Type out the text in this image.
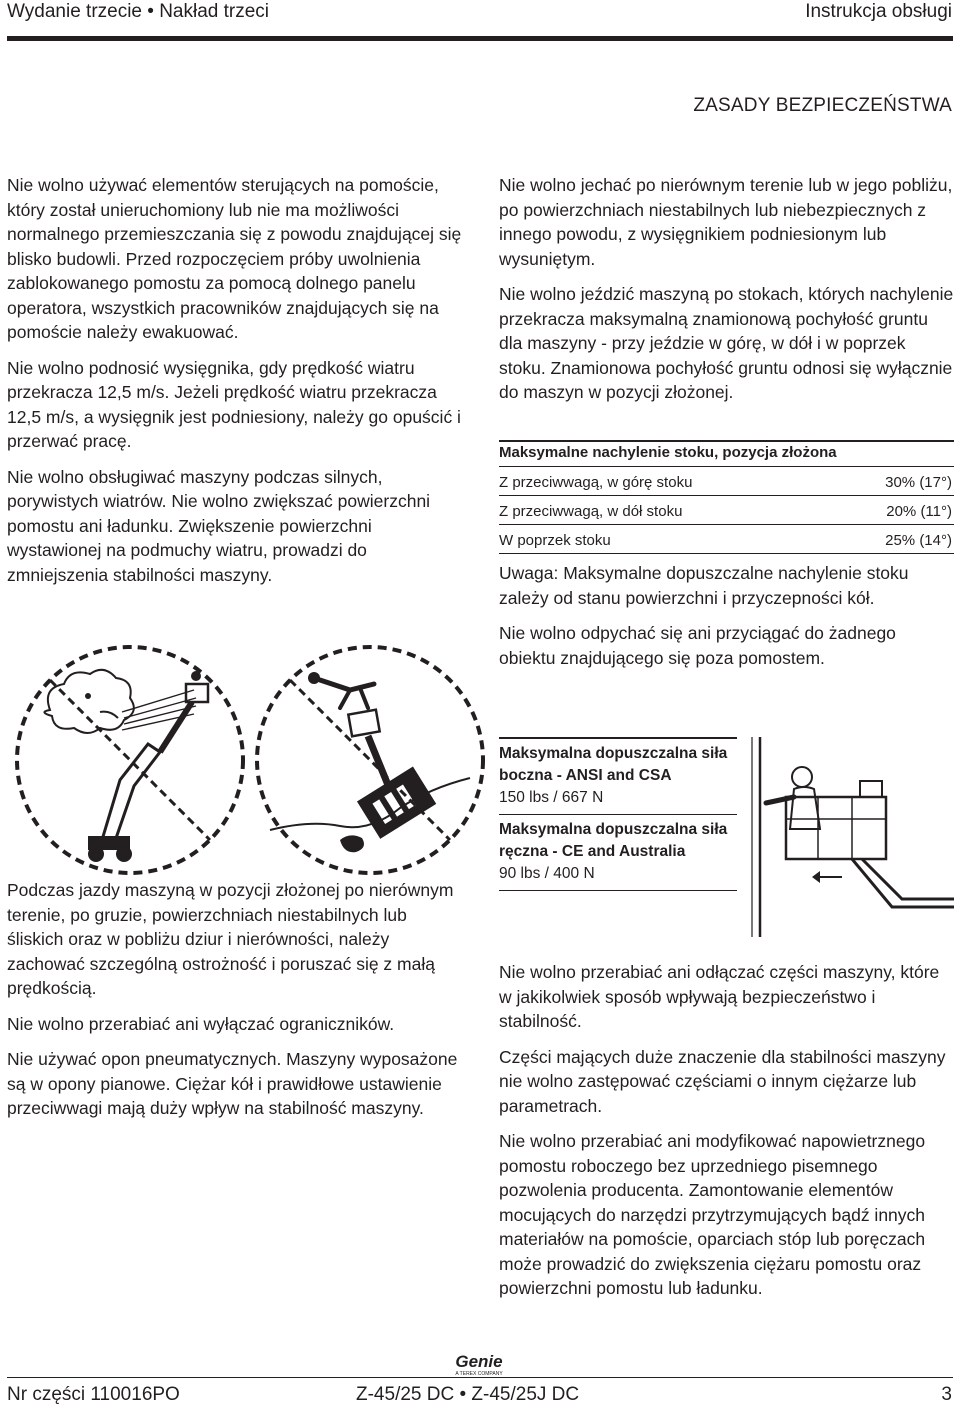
Wydanie trzecie • Nakład trzeci	Instrukcja obsługi
ZASADY BEZPIECZEŃSTWA

Nie wolno używać elementów sterujących na pomoście, który został unieruchomiony lub nie ma możliwości normalnego przemieszczania się z powodu znajdującej się blisko budowli. Przed rozpoczęciem próby uwolnienia zablokowanego pomostu za pomocą dolnego panelu operatora, wszystkich pracowników znajdujących się na pomoście należy ewakuować.

Nie wolno podnosić wysięgnika, gdy prędkość wiatru przekracza 12,5 m/s. Jeżeli prędkość wiatru przekracza 12,5 m/s, a wysięgnik jest podniesiony, należy go opuścić i przerwać pracę.

Nie wolno obsługiwać maszyny podczas silnych, porywistych wiatrów. Nie wolno zwiększać powierzchni pomostu ani ładunku. Zwiększenie powierzchni wystawionej na podmuchy wiatru, prowadzi do zmniejszenia stabilności maszyny.

Podczas jazdy maszyną w pozycji złożonej po nierównym terenie, po gruzie, powierzchniach niestabilnych lub śliskich oraz w pobliżu dziur i nierówności, należy zachować szczególną ostrożność i poruszać się z małą prędkością.

Nie wolno przerabiać ani wyłączać ograniczników.

Nie używać opon pneumatycznych. Maszyny wyposażone są w opony pianowe. Ciężar kół i prawidłowe ustawienie przeciwwagi mają duży wpływ na stabilność maszyny.

Nie wolno jechać po nierównym terenie lub w jego pobliżu, po powierzchniach niestabilnych lub niebezpiecznych z innego powodu, z wysięgnikiem podniesionym lub wysuniętym.

Nie wolno jeździć maszyną po stokach, których nachylenie przekracza maksymalną znamionową pochyłość gruntu dla maszyny - przy jeździe w górę, w dół i w poprzek stoku. Znamionowa pochyłość gruntu odnosi się wyłącznie do maszyn w pozycji złożonej.

Maksymalne nachylenie stoku, pozycja złożona
Z przeciwwagą, w górę stoku	30% (17°)
Z przeciwwagą, w dół stoku	20% (11°)
W poprzek stoku	25% (14°)

Uwaga: Maksymalne dopuszczalne nachylenie stoku zależy od stanu powierzchni i przyczepności kół.

Nie wolno odpychać się ani przyciągać do żadnego obiektu znajdującego się poza pomostem.

Maksymalna dopuszczalna siła boczna - ANSI and CSA
150 lbs / 667 N
Maksymalna dopuszczalna siła ręczna - CE and Australia
90 lbs / 400 N

Nie wolno przerabiać ani odłączać części maszyny, które w jakikolwiek sposób wpływają bezpieczeństwo i stabilność.

Części mających duże znaczenie dla stabilności maszyny nie wolno zastępować częściami o innym ciężarze lub parametrach.

Nie wolno przerabiać ani modyfikować napowietrznego pomostu roboczego bez uprzedniego pisemnego pozwolenia producenta. Zamontowanie elementów mocujących do narzędzi przytrzymujących bądź innych materiałów na pomoście, oparciach stóp lub poręczach może prowadzić do zwiększenia ciężaru pomostu oraz powierzchni pomostu lub ładunku.

Genie
A TEREX COMPANY
Nr części 110016PO	Z-45/25 DC • Z-45/25J DC	3
